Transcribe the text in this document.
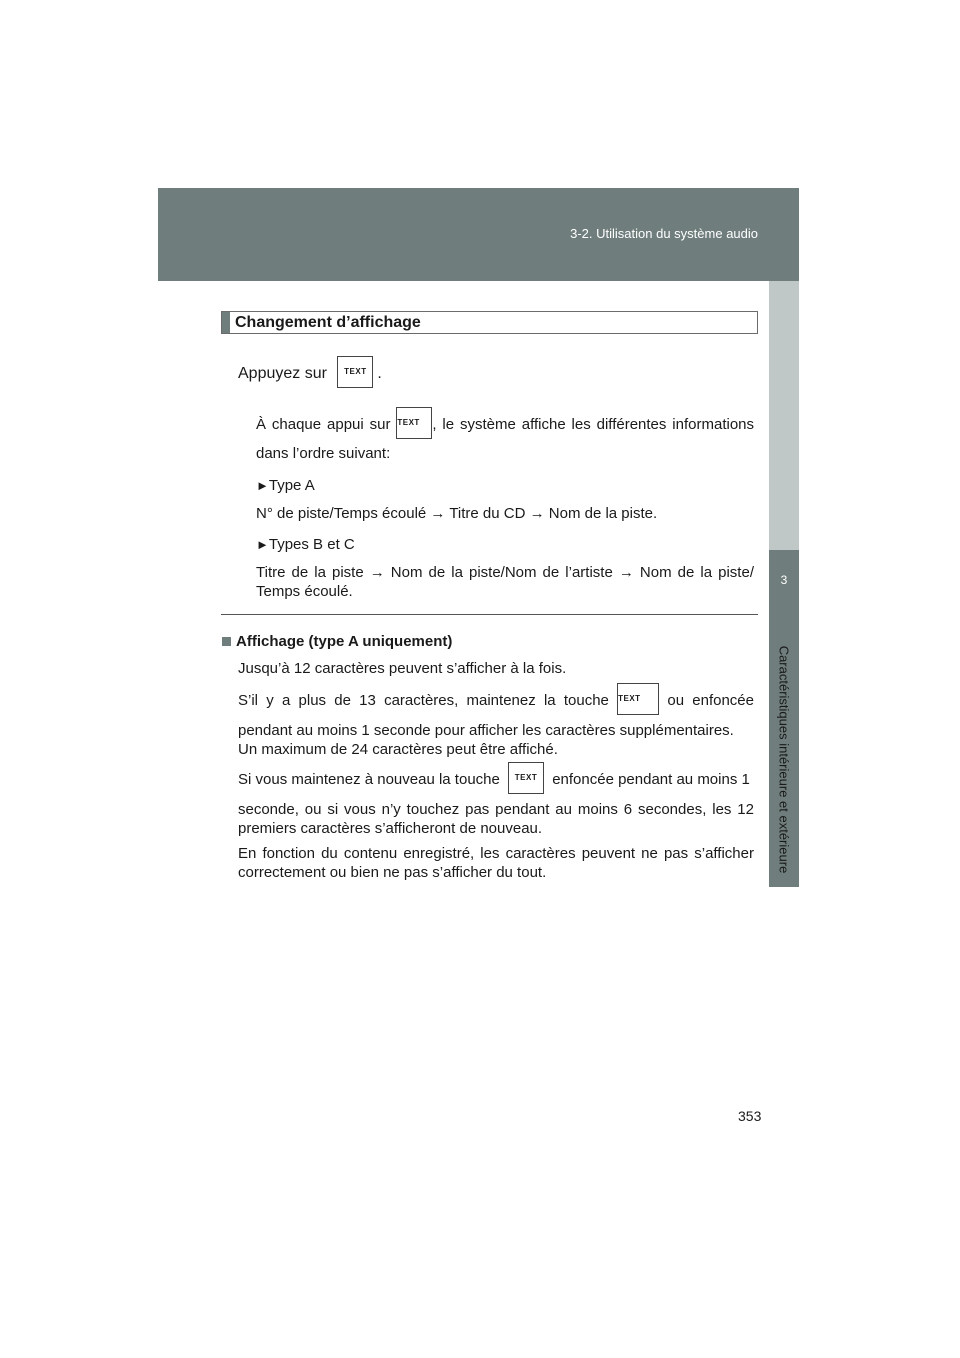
3-2. Utilisation du système audio
3
Caractéristiques intérieure et extérieure
Changement d’affichage
Appuyez sur TEXT .
À chaque appui sur TEXT , le système affiche les différentes informations
dans l’ordre suivant:
►Type A
N° de piste/Temps écoulé → Titre du CD → Nom de la piste.
►Types B et C
Titre de la piste → Nom de la piste/Nom de l’artiste → Nom de la piste/
Temps écoulé.
Affichage (type A uniquement)
Jusqu’à 12 caractères peuvent s’afficher à la fois.
S’il y a plus de 13 caractères, maintenez la touche TEXT ou enfoncée
pendant au moins 1 seconde pour afficher les caractères supplémentaires.
Un maximum de 24 caractères peut être affiché.
Si vous maintenez à nouveau la touche TEXT enfoncée pendant au moins 1
seconde, ou si vous n’y touchez pas pendant au moins 6 secondes, les 12
premiers caractères s’afficheront de nouveau.
En fonction du contenu enregistré, les caractères peuvent ne pas s’afficher
correctement ou bien ne pas s’afficher du tout.
353
